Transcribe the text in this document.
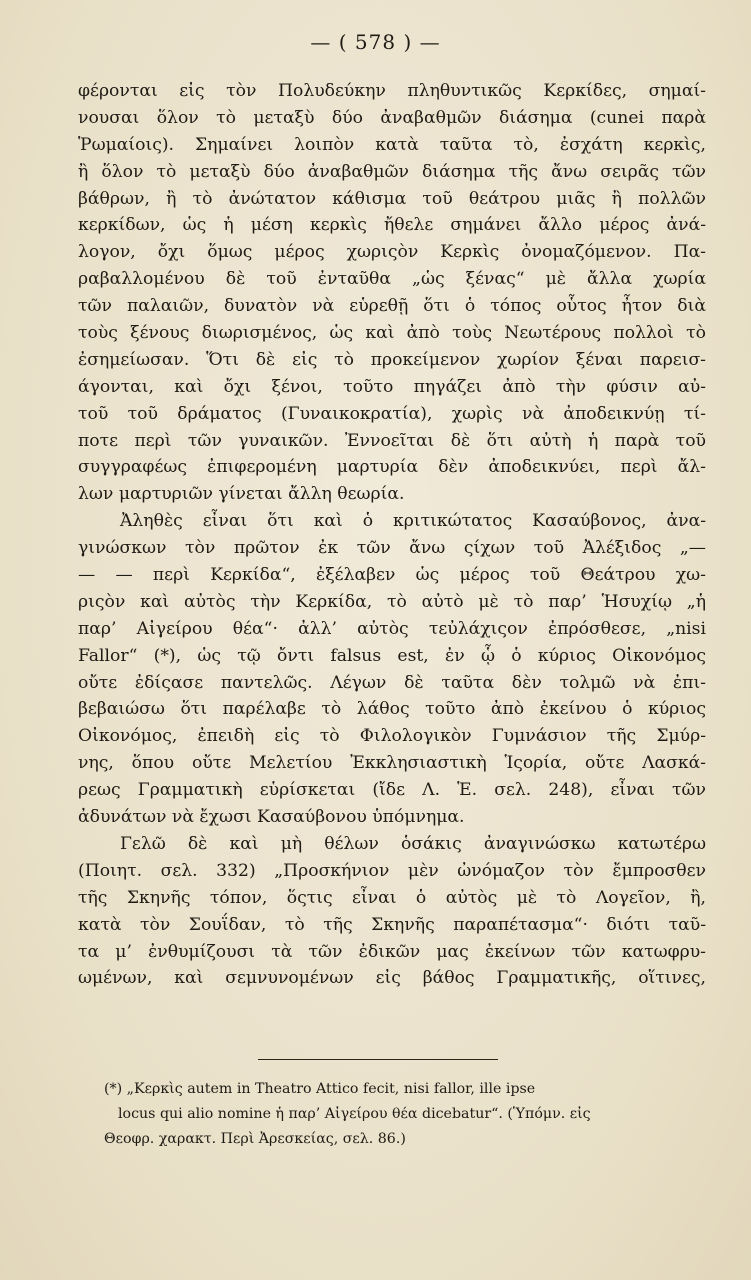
— ( 578 ) —
φέρονται εἰς τὸν Πολυδεύκην πληθυντικῶς Κερκίδες, σημαί-
νουσαι ὅλον τὸ μεταξὺ δύο ἀναβαθμῶν διάσημα (cunei παρὰ
Ῥωμαίοις). Σημαίνει λοιπὸν κατὰ ταῦτα τὸ, ἐσχάτη κερκὶς,
ἢ ὅλον τὸ μεταξὺ δύο ἀναβαθμῶν διάσημα τῆς ἄνω σειρᾶς τῶν
βάθρων, ἢ τὸ ἀνώτατον κάθισμα τοῦ θεάτρου μιᾶς ἢ πολλῶν
κερκίδων, ὡς ἡ μέση κερκὶς ἤθελε σημάνει ἄλλο μέρος ἀνά-
λογον, ὄχι ὅμως μέρος χωριςὸν Κερκὶς ὀνομαζόμενον. Πα-
ραβαλλομένου δὲ τοῦ ἐνταῦθα „ὡς ξένας“ μὲ ἄλλα χωρία
τῶν παλαιῶν, δυνατὸν νὰ εὑρεθῇ ὅτι ὁ τόπος οὗτος ἦτον διὰ
τοὺς ξένους διωρισμένος, ὡς καὶ ἀπὸ τοὺς Νεωτέρους πολλοὶ τὸ
ἐσημείωσαν. Ὅτι δὲ εἰς τὸ προκείμενον χωρίον ξέναι παρεισ-
άγονται, καὶ ὄχι ξένοι, τοῦτο πηγάζει ἀπὸ τὴν φύσιν αὐ-
τοῦ τοῦ δράματος (Γυναικοκρατία), χωρὶς νὰ ἀποδεικνύῃ τί-
ποτε περὶ τῶν γυναικῶν. Ἐννοεῖται δὲ ὅτι αὐτὴ ἡ παρὰ τοῦ
συγγραφέως ἐπιφερομένη μαρτυρία δὲν ἀποδεικνύει, περὶ ἄλ-
λων μαρτυριῶν γίνεται ἄλλη θεωρία.
Ἀληθὲς εἶναι ὅτι καὶ ὁ κριτικώτατος Κασαύβονος, ἀνα-
γινώσκων τὸν πρῶτον ἐκ τῶν ἄνω ςίχων τοῦ Ἀλέξιδος „—
— — περὶ Κερκίδα“, ἐξέλαβεν ὡς μέρος τοῦ Θεάτρου χω-
ριςὸν καὶ αὐτὸς τὴν Κερκίδα, τὸ αὐτὸ μὲ τὸ παρ’ Ἡσυχίῳ „ἡ
παρ’ Αἰγείρου θέα“· ἀλλ’ αὐτὸς τεὐλάχιςον ἐπρόσθεσε, „nisi
Fallor“ (*), ὡς τῷ ὄντι falsus est, ἐν ᾧ ὁ κύριος Οἰκονόμος
οὔτε ἐδίςασε παντελῶς. Λέγων δὲ ταῦτα δὲν τολμῶ νὰ ἐπι-
βεβαιώσω ὅτι παρέλαβε τὸ λάθος τοῦτο ἀπὸ ἐκείνου ὁ κύριος
Οἰκονόμος, ἐπειδὴ εἰς τὸ Φιλολογικὸν Γυμνάσιον τῆς Σμύρ-
νης, ὅπου οὔτε Μελετίου Ἐκκλησιαστικὴ Ἱςορία, οὔτε Λασκά-
ρεως Γραμματικὴ εὑρίσκεται (ἴδε Λ. Ἑ. σελ. 248), εἶναι τῶν
ἀδυνάτων νὰ ἔχωσι Κασαύβονου ὑπόμνημα.
Γελῶ δὲ καὶ μὴ θέλων ὁσάκις ἀναγινώσκω κατωτέρω
(Ποιητ. σελ. 332) „Προσκήνιον μὲν ὠνόμαζον τὸν ἔμπροσθεν
τῆς Σκηνῆς τόπον, ὅςτις εἶναι ὁ αὐτὸς μὲ τὸ Λογεῖον, ἢ,
κατὰ τὸν Σουΐδαν, τὸ τῆς Σκηνῆς παραπέτασμα“· διότι ταῦ-
τα μ’ ἐνθυμίζουσι τὰ τῶν ἐδικῶν μας ἐκείνων τῶν κατωφρυ-
ωμένων, καὶ σεμνυνομένων εἰς βάθος Γραμματικῆς, οἵτινες,
(*) „Κερκὶς autem in Theatro Attico fecit, nisi fallor, ille ipse
locus qui alio nomine ἡ παρ’ Αἰγείρου θέα dicebatur“. (Ὑπόμν. εἰς
Θεοφρ. χαρακτ. Περὶ Ἀρεσκείας, σελ. 86.)
